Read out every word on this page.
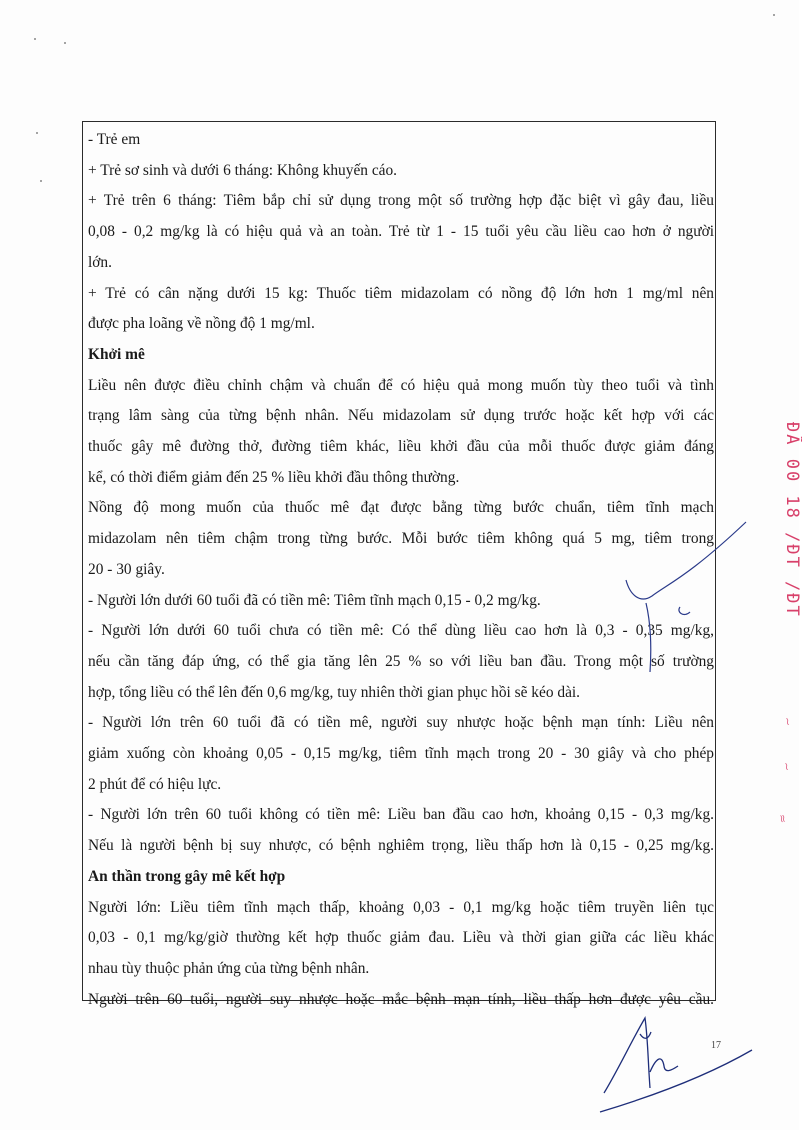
- Trẻ em
+ Trẻ sơ sinh và dưới 6 tháng: Không khuyến cáo.
+ Trẻ trên 6 tháng: Tiêm bắp chỉ sử dụng trong một số trường hợp đặc biệt vì gây đau, liều
0,08 - 0,2 mg/kg là có hiệu quả và an toàn. Trẻ từ 1 - 15 tuổi yêu cầu liều cao hơn ở người
lớn.
+ Trẻ có cân nặng dưới 15 kg: Thuốc tiêm midazolam có nồng độ lớn hơn 1 mg/ml nên
được pha loãng về nồng độ 1 mg/ml.
Khởi mê
Liều nên được điều chỉnh chậm và chuẩn để có hiệu quả mong muốn tùy theo tuổi và tình
trạng lâm sàng của từng bệnh nhân. Nếu midazolam sử dụng trước hoặc kết hợp với các
thuốc gây mê đường thở, đường tiêm khác, liều khởi đầu của mỗi thuốc được giảm đáng
kể, có thời điểm giảm đến 25 % liều khởi đầu thông thường.
Nồng độ mong muốn của thuốc mê đạt được bằng từng bước chuẩn, tiêm tĩnh mạch
midazolam nên tiêm chậm trong từng bước. Mỗi bước tiêm không quá 5 mg, tiêm trong
20 - 30 giây.
- Người lớn dưới 60 tuổi đã có tiền mê: Tiêm tĩnh mạch 0,15 - 0,2 mg/kg.
- Người lớn dưới 60 tuổi chưa có tiền mê: Có thể dùng liều cao hơn là 0,3 - 0,35 mg/kg,
nếu cần tăng đáp ứng, có thể gia tăng lên 25 % so với liều ban đầu. Trong một số trường
hợp, tổng liều có thể lên đến 0,6 mg/kg, tuy nhiên thời gian phục hồi sẽ kéo dài.
- Người lớn trên 60 tuổi đã có tiền mê, người suy nhược hoặc bệnh mạn tính: Liều nên
giảm xuống còn khoảng 0,05 - 0,15 mg/kg, tiêm tĩnh mạch trong 20 - 30 giây và cho phép
2 phút để có hiệu lực.
- Người lớn trên 60 tuổi không có tiền mê: Liều ban đầu cao hơn, khoảng 0,15 - 0,3 mg/kg.
Nếu là người bệnh bị suy nhược, có bệnh nghiêm trọng, liều thấp hơn là 0,15 - 0,25 mg/kg.
An thần trong gây mê kết hợp
Người lớn: Liều tiêm tĩnh mạch thấp, khoảng 0,03 - 0,1 mg/kg hoặc tiêm truyền liên tục
0,03 - 0,1 mg/kg/giờ thường kết hợp thuốc giảm đau. Liều và thời gian giữa các liều khác
nhau tùy thuộc phản ứng của từng bệnh nhân.
Người trên 60 tuổi, người suy nhược hoặc mắc bệnh mạn tính, liều thấp hơn được yêu cầu.
ĐÃ 00 18 /ĐT /ĐT
~
~
≈
17
